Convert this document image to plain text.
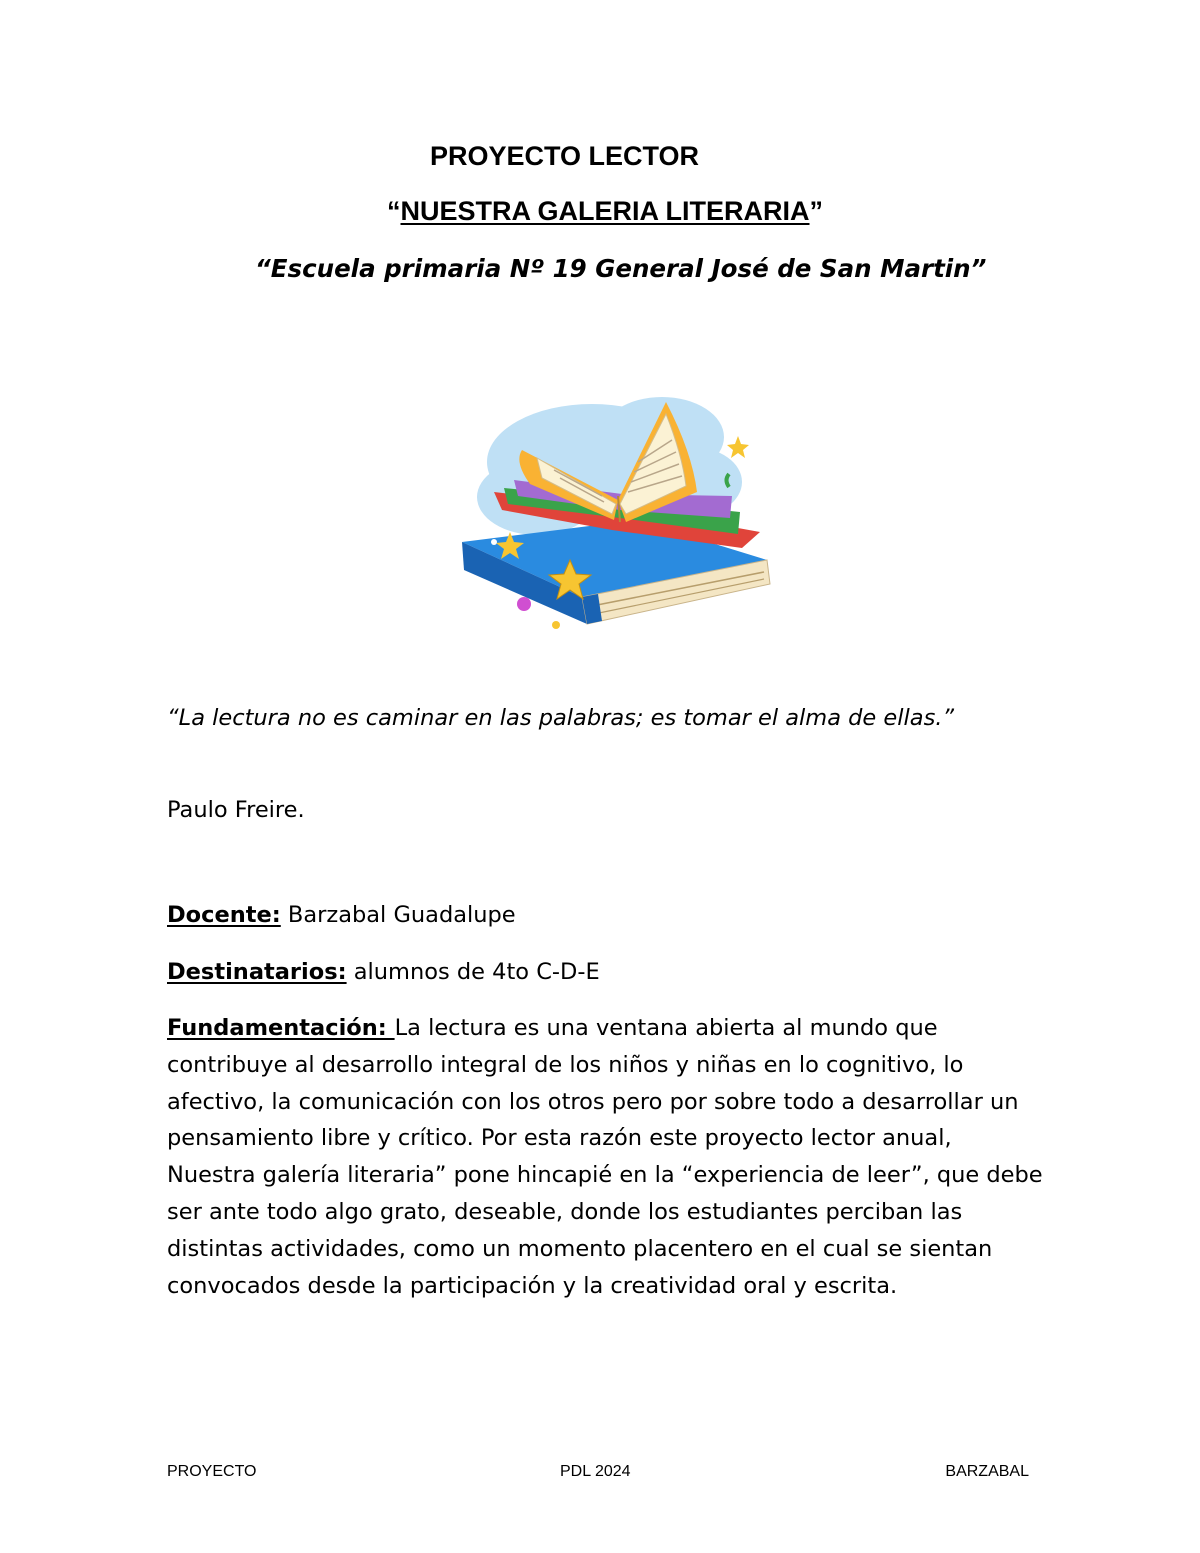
PROYECTO LECTOR
“NUESTRA GALERIA LITERARIA”
“Escuela primaria Nº 19 General José de San Martin”
“La lectura no es caminar en las palabras; es tomar el alma de ellas.”
Paulo Freire.
Docente: Barzabal Guadalupe
Destinatarios: alumnos de 4to C-D-E
Fundamentación: La lectura es una ventana abierta al mundo que contribuye al desarrollo integral de los niños y niñas en lo cognitivo, lo afectivo, la comunicación con los otros pero por sobre todo a desarrollar un pensamiento libre y crítico. Por esta razón este proyecto lector anual, Nuestra galería literaria” pone hincapié en la “experiencia de leer”, que debe ser ante todo algo grato, deseable, donde los estudiantes perciban las distintas actividades, como un momento placentero en el cual se sientan convocados desde la participación y la creatividad oral y escrita.
PROYECTO	PDL 2024	BARZABAL
